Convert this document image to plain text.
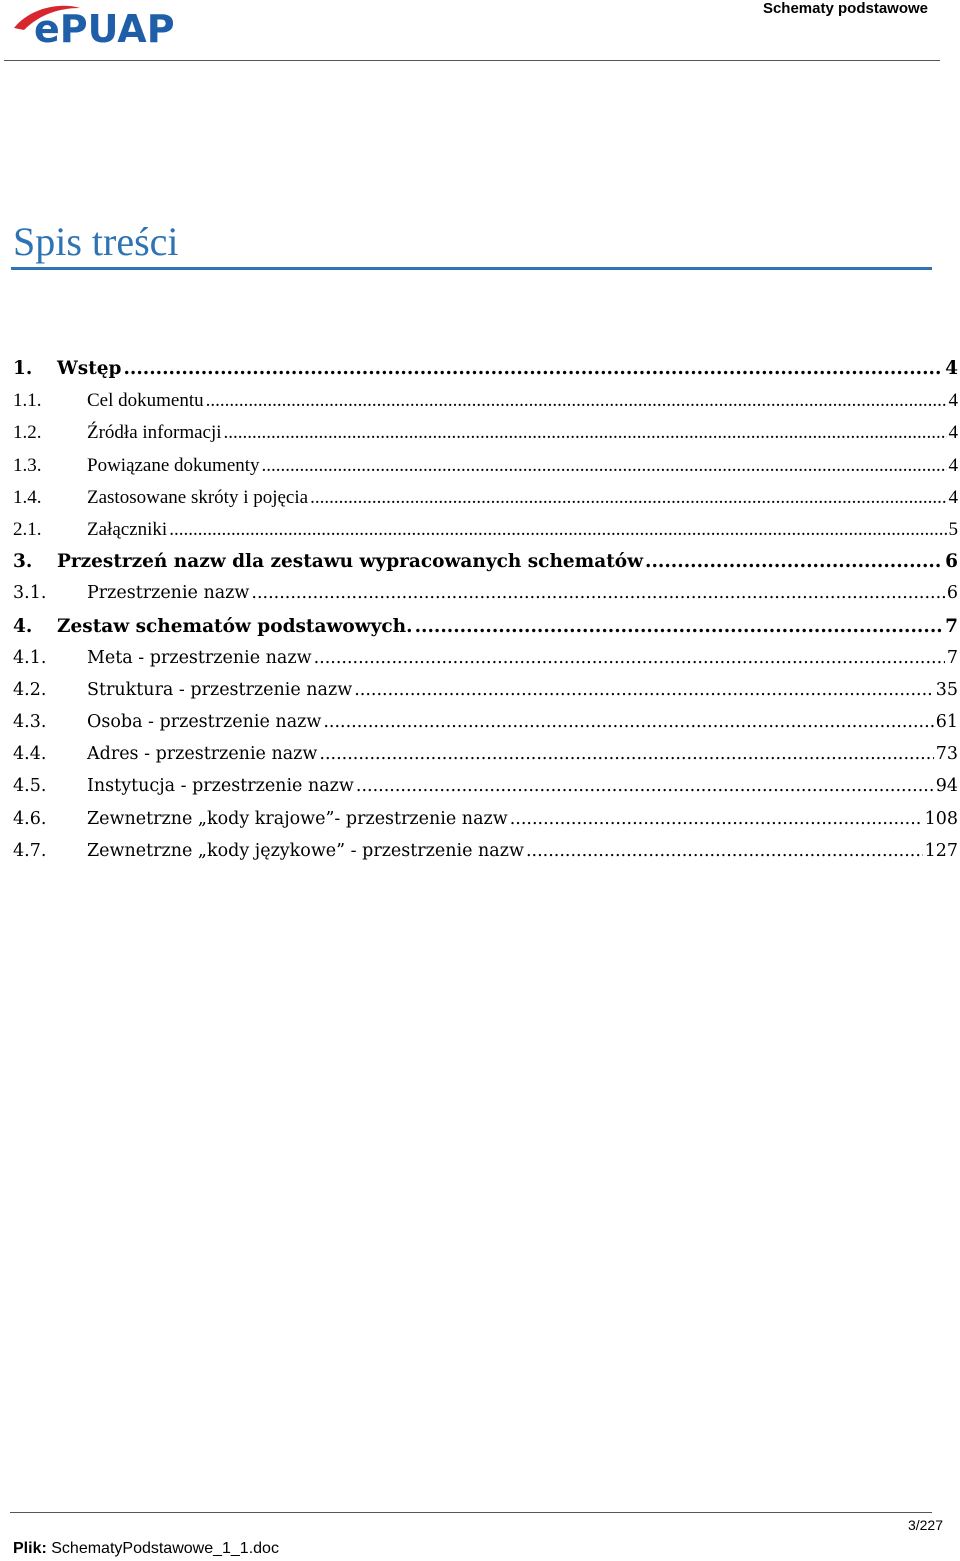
ePUAP	Schematy podstawowe
Spis treści
1.	Wstęp .....	4
1.1.	Cel dokumentu .....	4
1.2.	Źródła informacji .....	4
1.3.	Powiązane dokumenty .....	4
1.4.	Zastosowane skróty i pojęcia .....	4
2.1.	Załączniki .....	5
3.	Przestrzeń nazw dla zestawu wypracowanych schematów .....	6
3.1.	Przestrzenie nazw .....	6
4.	Zestaw schematów podstawowych. .....	7
4.1.	Meta - przestrzenie nazw .....	7
4.2.	Struktura - przestrzenie nazw .....	35
4.3.	Osoba - przestrzenie nazw .....	61
4.4.	Adres - przestrzenie nazw .....	73
4.5.	Instytucja - przestrzenie nazw .....	94
4.6.	Zewnetrzne „kody krajowe”- przestrzenie nazw .....	108
4.7.	Zewnetrzne „kody językowe” - przestrzenie nazw .....	127
3/227
Plik: SchematyPodstawowe_1_1.doc
